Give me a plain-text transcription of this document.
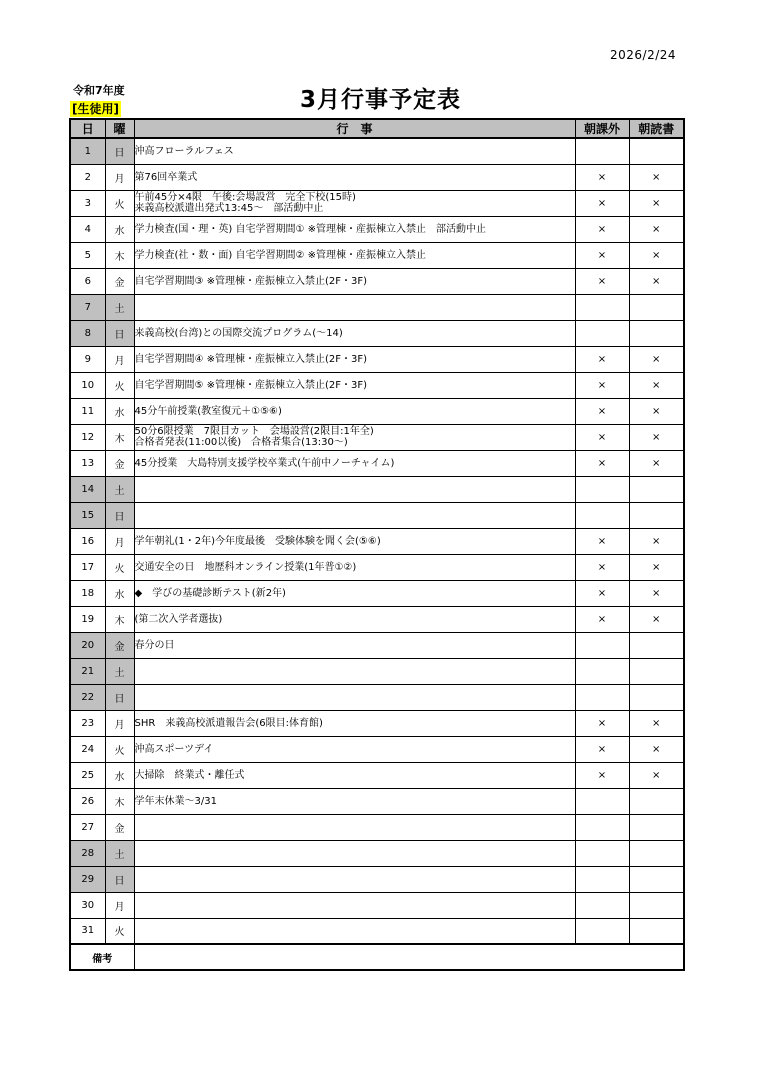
2026/2/24
令和7年度
[生徒用]	3月行事予定表
日	曜	行　事	朝課外	朝読書
1	日	沖高フローラルフェス		

2	月	第76回卒業式	×	×
3	火	午前45分×4限　午後:会場設営　完全下校(15時)
来義高校派遣出発式13:45〜　部活動中止	×	×
4	水	学力検査(国・理・英) 自宅学習期間① ※管理棟・産振棟立入禁止　部活動中止	×	×
5	木	学力検査(社・数・面) 自宅学習期間② ※管理棟・産振棟立入禁止	×	×
6	金	自宅学習期間③ ※管理棟・産振棟立入禁止(2F・3F)	×	×
7	土	

8	日	来義高校(台湾)との国際交流プログラム(〜14)		

9	月	自宅学習期間④ ※管理棟・産振棟立入禁止(2F・3F)	×	×
10	火	自宅学習期間⑤ ※管理棟・産振棟立入禁止(2F・3F)	×	×
11	水	45分午前授業(教室復元＋①⑤⑥)	×	×
12	木	50分6限授業　7限目カット　会場設営(2限目:1年全)
合格者発表(11:00以後)　合格者集合(13:30〜)	×	×
13	金	45分授業　大島特別支援学校卒業式(午前中ノーチャイム)	×	×
14	土	

15	日	

16	月	学年朝礼(1・2年)今年度最後　受験体験を聞く会(⑤⑥)	×	×
17	火	交通安全の日　地歴科オンライン授業(1年普①②)	×	×
18	水	◆　学びの基礎診断テスト(新2年)	×	×
19	木	(第二次入学者選抜)	×	×
20	金	春分の日		

21	土	

22	日	

23	月	SHR　来義高校派遣報告会(6限目:体育館)	×	×
24	火	沖高スポーツデイ	×	×
25	水	大掃除　終業式・離任式	×	×
26	木	学年末休業〜3/31		

27	金	

28	土	

29	日	

30	月	

31	火	

備考				
